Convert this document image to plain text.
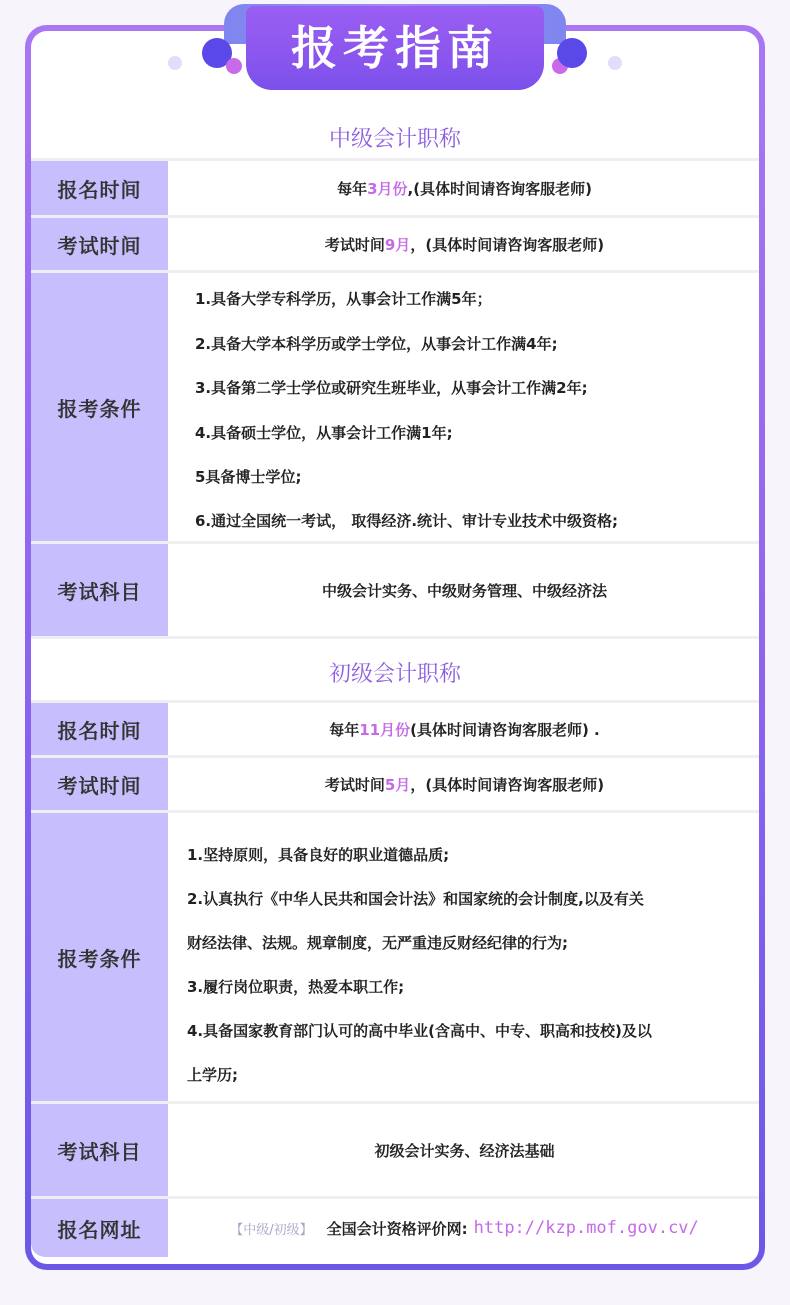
报考指南
中级会计职称
报名时间	每年 3月份 ,(具体时间请咨询客服老师)
考试时间	考试时间 9月 ，(具体时间请咨询客服老师)
报考条件
1.具备大学专科学历，从事会计工作满5年；
2.具备大学本科学历或学士学位，从事会计工作满4年;
3.具备第二学士学位或研究生班毕业，从事会计工作满2年;
4.具备硕士学位，从事会计工作满1年;
5具备博士学位;
6.通过全国统一考试， 取得经济.统计、审计专业技术中级资格;
考试科目	中级会计实务、中级财务管理、中级经济法
初级会计职称
报名时间	每年 11月份 (具体时间请咨询客服老师) .
考试时间	考试时间 5月 ，(具体时间请咨询客服老师)
报考条件
1.坚持原则，具备良好的职业道德品质;
2.认真执行《中华人民共和国会计法》和国家统的会计制度,以及有关
财经法律、法规。规章制度，无严重违反财经纪律的行为;
3.履行岗位职责，热爱本职工作;
4.具备国家教育部门认可的高中毕业(含高中、中专、职高和技校)及以
上学历;
考试科目	初级会计实务、经济法基础
报名网址	【中级/初级】 全国会计资格评价网: http://kzp.mof.gov.cv/
